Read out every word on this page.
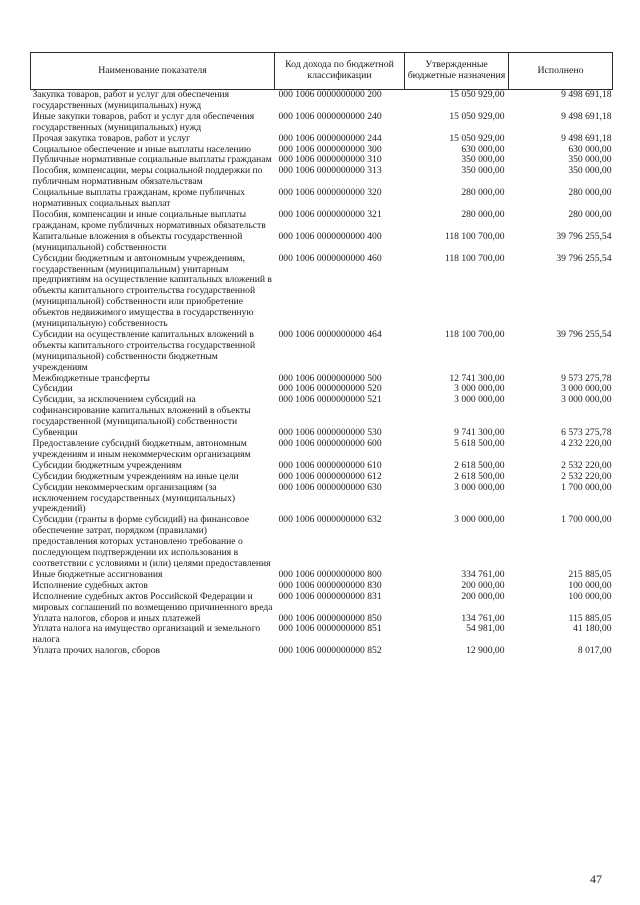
Наименование показателя	Код дохода по бюджетной классификации	Утвержденные бюджетные назначения	Исполнено
Закупка товаров, работ и услуг для обеспечения государственных (муниципальных) нужд	000 1006 0000000000 200	15 050 929,00	9 498 691,18
Иные закупки товаров, работ и услуг для обеспечения государственных (муниципальных) нужд	000 1006 0000000000 240	15 050 929,00	9 498 691,18
Прочая закупка товаров, работ и услуг	000 1006 0000000000 244	15 050 929,00	9 498 691,18
Социальное обеспечение и иные выплаты населению	000 1006 0000000000 300	630 000,00	630 000,00
Публичные нормативные социальные выплаты гражданам	000 1006 0000000000 310	350 000,00	350 000,00
Пособия, компенсации, меры социальной поддержки по публичным нормативным обязательствам	000 1006 0000000000 313	350 000,00	350 000,00
Социальные выплаты гражданам, кроме публичных нормативных социальных выплат	000 1006 0000000000 320	280 000,00	280 000,00
Пособия, компенсации и иные социальные выплаты гражданам, кроме публичных нормативных обязательств	000 1006 0000000000 321	280 000,00	280 000,00
Капитальные вложения в объекты государственной (муниципальной) собственности	000 1006 0000000000 400	118 100 700,00	39 796 255,54
Субсидии бюджетным и автономным учреждениям, государственным (муниципальным) унитарным предприятиям на осуществление капитальных вложений в объекты капитального строительства государственной (муниципальной) собственности или приобретение объектов недвижимого имущества в государственную (муниципальную) собственность	000 1006 0000000000 460	118 100 700,00	39 796 255,54
Субсидии на осуществление капитальных вложений в объекты капитального строительства государственной (муниципальной) собственности бюджетным учреждениям	000 1006 0000000000 464	118 100 700,00	39 796 255,54
Межбюджетные трансферты	000 1006 0000000000 500	12 741 300,00	9 573 275,78
Субсидии	000 1006 0000000000 520	3 000 000,00	3 000 000,00
Субсидии, за исключением субсидий на софинансирование капитальных вложений в объекты государственной (муниципальной) собственности	000 1006 0000000000 521	3 000 000,00	3 000 000,00
Субвенции	000 1006 0000000000 530	9 741 300,00	6 573 275,78
Предоставление субсидий бюджетным, автономным учреждениям и иным некоммерческим организациям	000 1006 0000000000 600	5 618 500,00	4 232 220,00
Субсидии бюджетным учреждениям	000 1006 0000000000 610	2 618 500,00	2 532 220,00
Субсидии бюджетным учреждениям на иные цели	000 1006 0000000000 612	2 618 500,00	2 532 220,00
Субсидии некоммерческим организациям (за исключением государственных (муниципальных) учреждений)	000 1006 0000000000 630	3 000 000,00	1 700 000,00
Субсидии (гранты в форме субсидий) на финансовое обеспечение затрат, порядком (правилами) предоставления которых установлено требование о последующем подтверждении их использования в соответствии с условиями и (или) целями предоставления	000 1006 0000000000 632	3 000 000,00	1 700 000,00
Иные бюджетные ассигнования	000 1006 0000000000 800	334 761,00	215 885,05
Исполнение судебных актов	000 1006 0000000000 830	200 000,00	100 000,00
Исполнение судебных актов Российской Федерации и мировых соглашений по возмещению причиненного вреда	000 1006 0000000000 831	200 000,00	100 000,00
Уплата налогов, сборов и иных платежей	000 1006 0000000000 850	134 761,00	115 885,05
Уплата налога на имущество организаций и земельного налога	000 1006 0000000000 851	54 981,00	41 180,00
Уплата прочих налогов, сборов	000 1006 0000000000 852	12 900,00	8 017,00
47
